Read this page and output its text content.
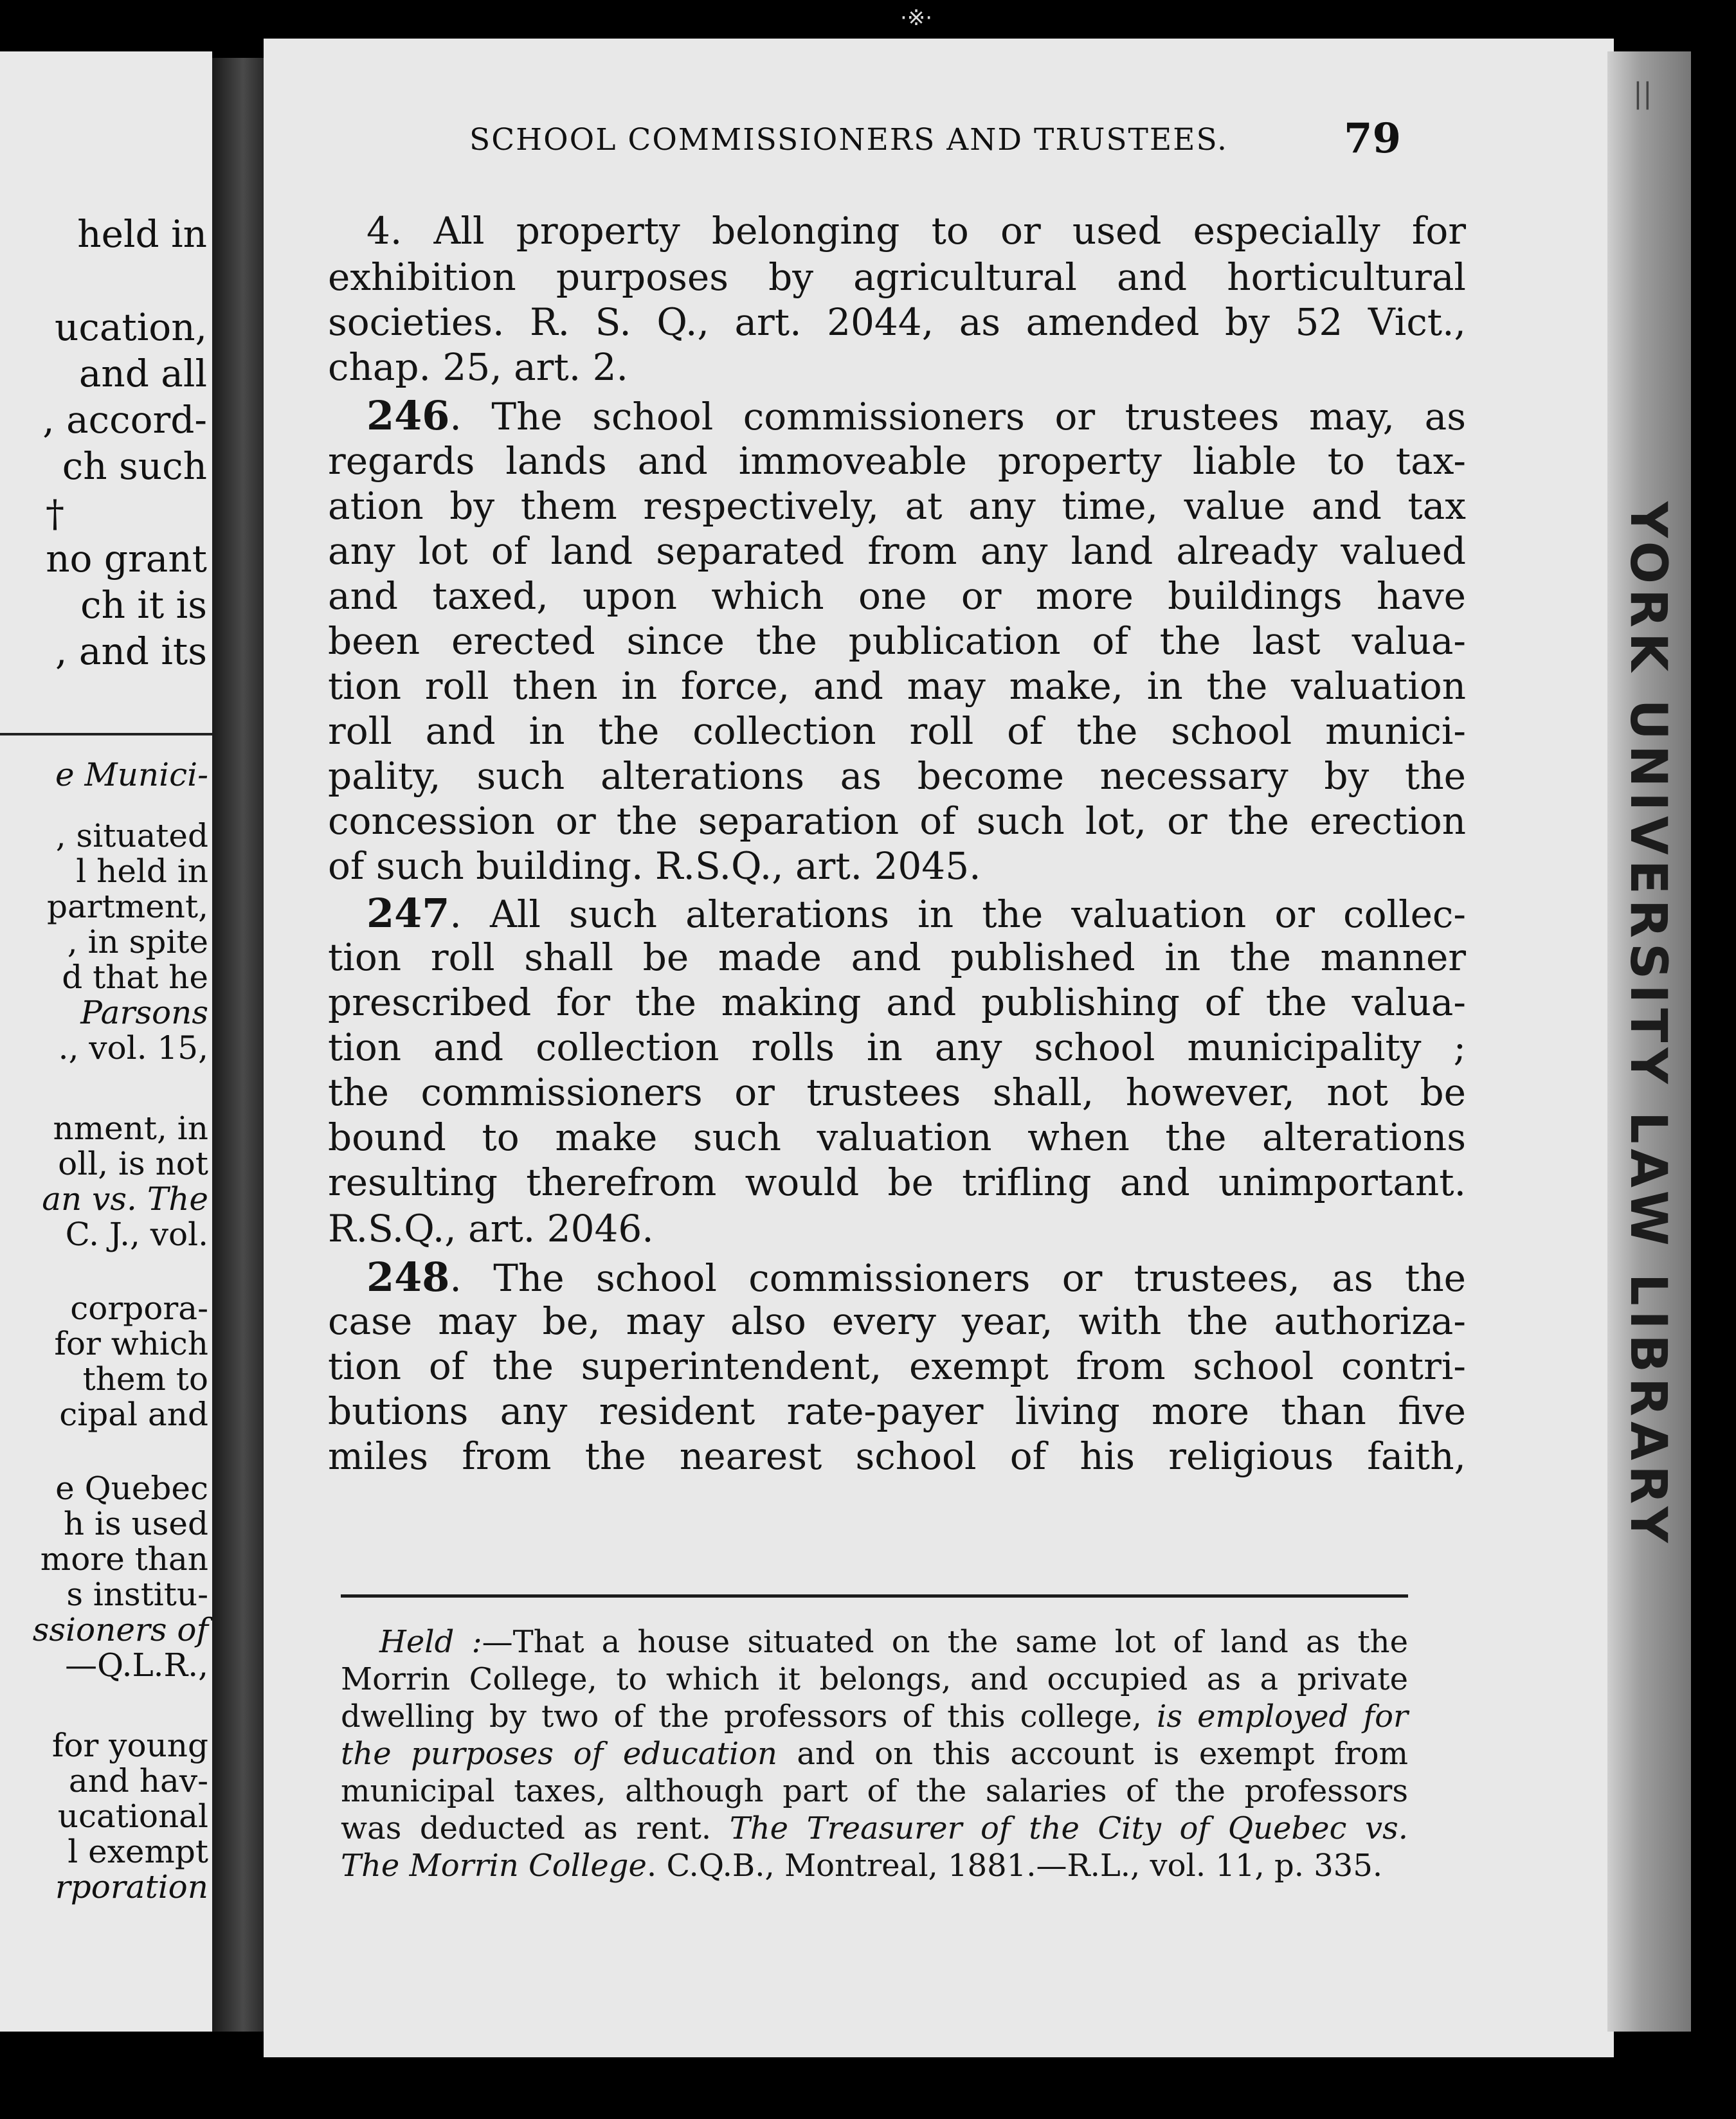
·※·
held in
ucation,
and all
, accord-
ch such
†
no grant
ch it is
, and its
e Munici-
, situated
l held in
partment,
, in spite
d that he
Parsons
., vol. 15,
nment, in
oll, is not
an vs. The
C. J., vol.
corpora-
for which
them to
cipal and
e Quebec
h is used
more than
s institu-
ssioners of
—Q.L.R.,
for young
and hav-
ucational
l exempt
rporation
SCHOOL COMMISSIONERS AND TRUSTEES.	79
4. All property belonging to or used especially for
exhibition purposes by agricultural and horticultural
societies. R. S. Q., art. 2044, as amended by 52 Vict.,
chap. 25, art. 2.
246. The school commissioners or trustees may, as
regards lands and immoveable property liable to tax-
ation by them respectively, at any time, value and tax
any lot of land separated from any land already valued
and taxed, upon which one or more buildings have
been erected since the publication of the last valua-
tion roll then in force, and may make, in the valuation
roll and in the collection roll of the school munici-
pality, such alterations as become necessary by the
concession or the separation of such lot, or the erection
of such building. R.S.Q., art. 2045.
247. All such alterations in the valuation or collec-
tion roll shall be made and published in the manner
prescribed for the making and publishing of the valua-
tion and collection rolls in any school municipality ;
the commissioners or trustees shall, however, not be
bound to make such valuation when the alterations
resulting therefrom would be trifling and unimportant.
R.S.Q., art. 2046.
248. The school commissioners or trustees, as the
case may be, may also every year, with the authoriza-
tion of the superintendent, exempt from school contri-
butions any resident rate-payer living more than five
miles from the nearest school of his religious faith,
Held :—That a house situated on the same lot of land as the
Morrin College, to which it belongs, and occupied as a private
dwelling by two of the professors of this college, is employed for
the purposes of education and on this account is exempt from
municipal taxes, although part of the salaries of the professors
was deducted as rent. The Treasurer of the City of Quebec vs.
The Morrin College. C.Q.B., Montreal, 1881.—R.L., vol. 11, p. 335.
||
YORK UNIVERSITY LAW LIBRARY
